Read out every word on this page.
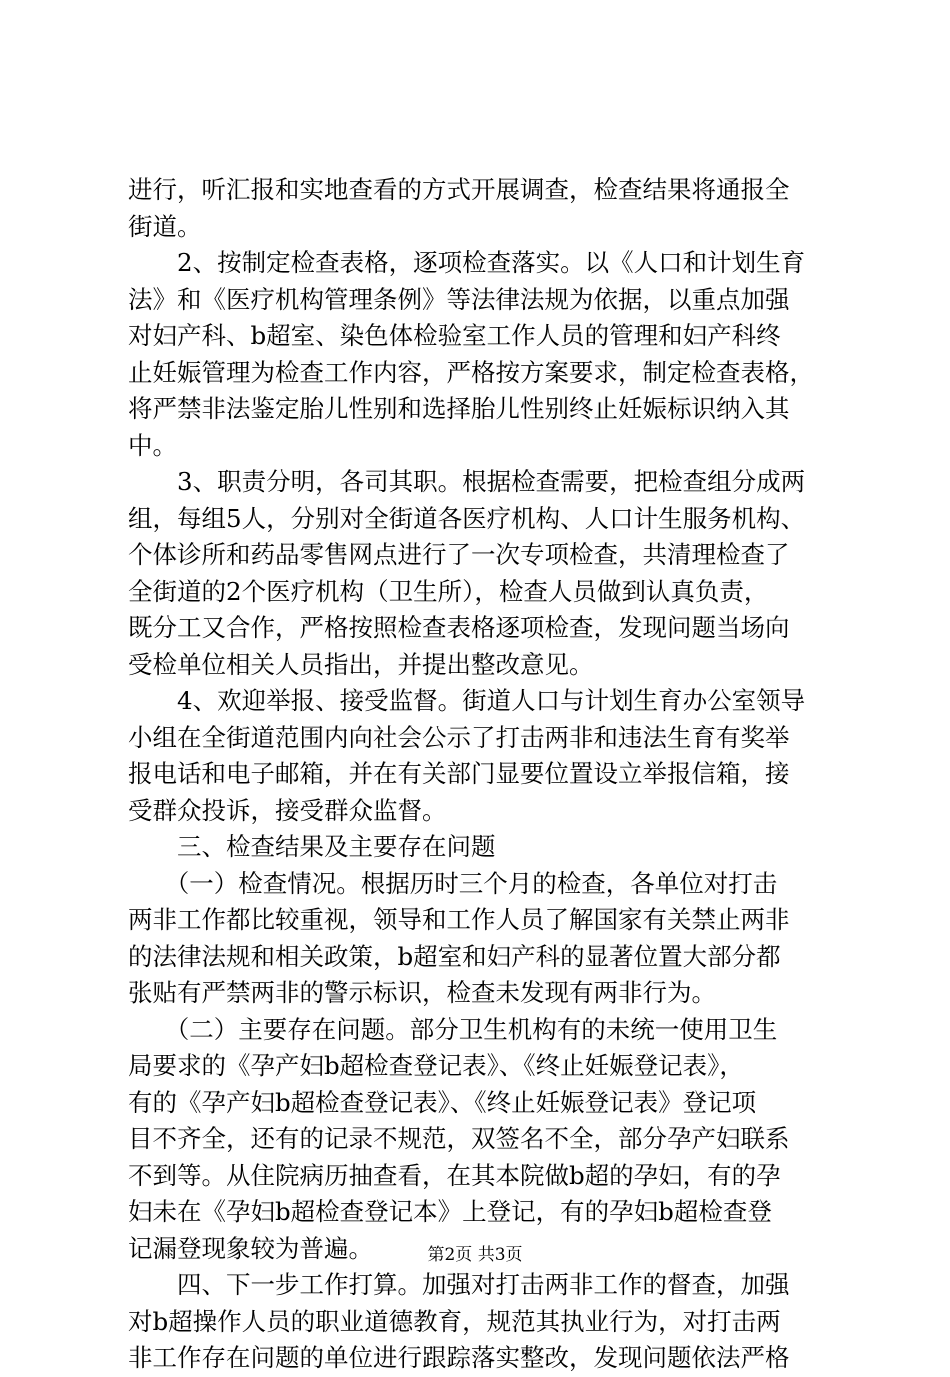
进行，听汇报和实地查看的方式开展调查，检查结果将通报全
街道。
　　2、按制定检查表格，逐项检查落实。以《人口和计划生育
法》和《医疗机构管理条例》等法律法规为依据，以重点加强
对妇产科、b超室、染色体检验室工作人员的管理和妇产科终
止妊娠管理为检查工作内容，严格按方案要求，制定检查表格，
将严禁非法鉴定胎儿性别和选择胎儿性别终止妊娠标识纳入其
中。
　　3、职责分明，各司其职。根据检查需要，把检查组分成两
组，每组5人，分别对全街道各医疗机构、人口计生服务机构、
个体诊所和药品零售网点进行了一次专项检查，共清理检查了
全街道的2个医疗机构（卫生所），检查人员做到认真负责，
既分工又合作，严格按照检查表格逐项检查，发现问题当场向
受检单位相关人员指出，并提出整改意见。
　　4、欢迎举报、接受监督。街道人口与计划生育办公室领导
小组在全街道范围内向社会公示了打击两非和违法生育有奖举
报电话和电子邮箱，并在有关部门显要位置设立举报信箱，接
受群众投诉，接受群众监督。
　　三、检查结果及主要存在问题
　　（一）检查情况。根据历时三个月的检查，各单位对打击
两非工作都比较重视，领导和工作人员了解国家有关禁止两非
的法律法规和相关政策，b超室和妇产科的显著位置大部分都
张贴有严禁两非的警示标识，检查未发现有两非行为。
　　（二）主要存在问题。部分卫生机构有的未统一使用卫生
局要求的《孕产妇b超检查登记表》、《终止妊娠登记表》，
有的《孕产妇b超检查登记表》、《终止妊娠登记表》登记项
目不齐全，还有的记录不规范，双签名不全，部分孕产妇联系
不到等。从住院病历抽查看，在其本院做b超的孕妇，有的孕
妇未在《孕妇b超检查登记本》上登记，有的孕妇b超检查登
记漏登现象较为普遍。
　　四、下一步工作打算。加强对打击两非工作的督查，加强
对b超操作人员的职业道德教育，规范其执业行为，对打击两
非工作存在问题的单位进行跟踪落实整改，发现问题依法严格
第2页 共3页
